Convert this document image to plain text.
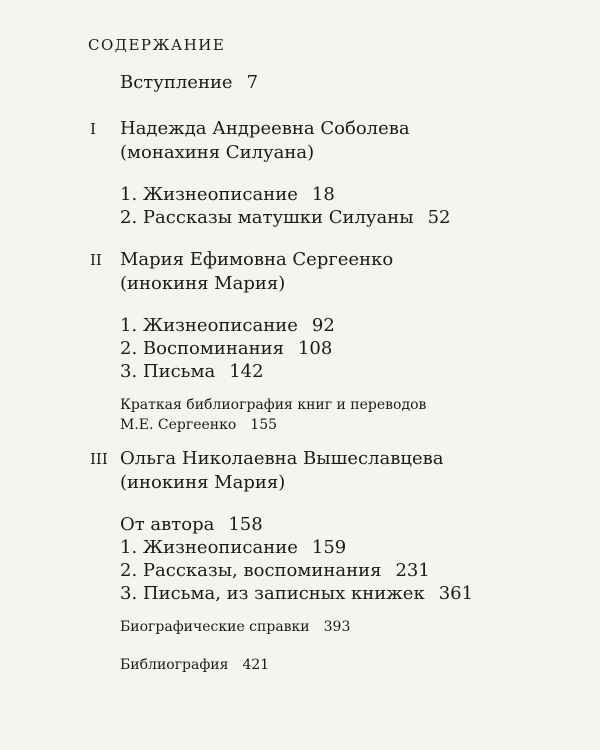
СОДЕРЖАНИЕ
Вступление 7
I Надежда Андреевна Соболева
(монахиня Силуана)
1. Жизнеописание 18
2. Рассказы матушки Силуаны 52
II Мария Ефимовна Сергеенко
(инокиня Мария)
1. Жизнеописание 92
2. Воспоминания 108
3. Письма 142
Краткая библиография книг и переводов
М.Е. Сергеенко 155
III Ольга Николаевна Вышеславцева
(инокиня Мария)
От автора 158
1. Жизнеописание 159
2. Рассказы, воспоминания 231
3. Письма, из записных книжек 361
Биографические справки 393
Библиография 421
